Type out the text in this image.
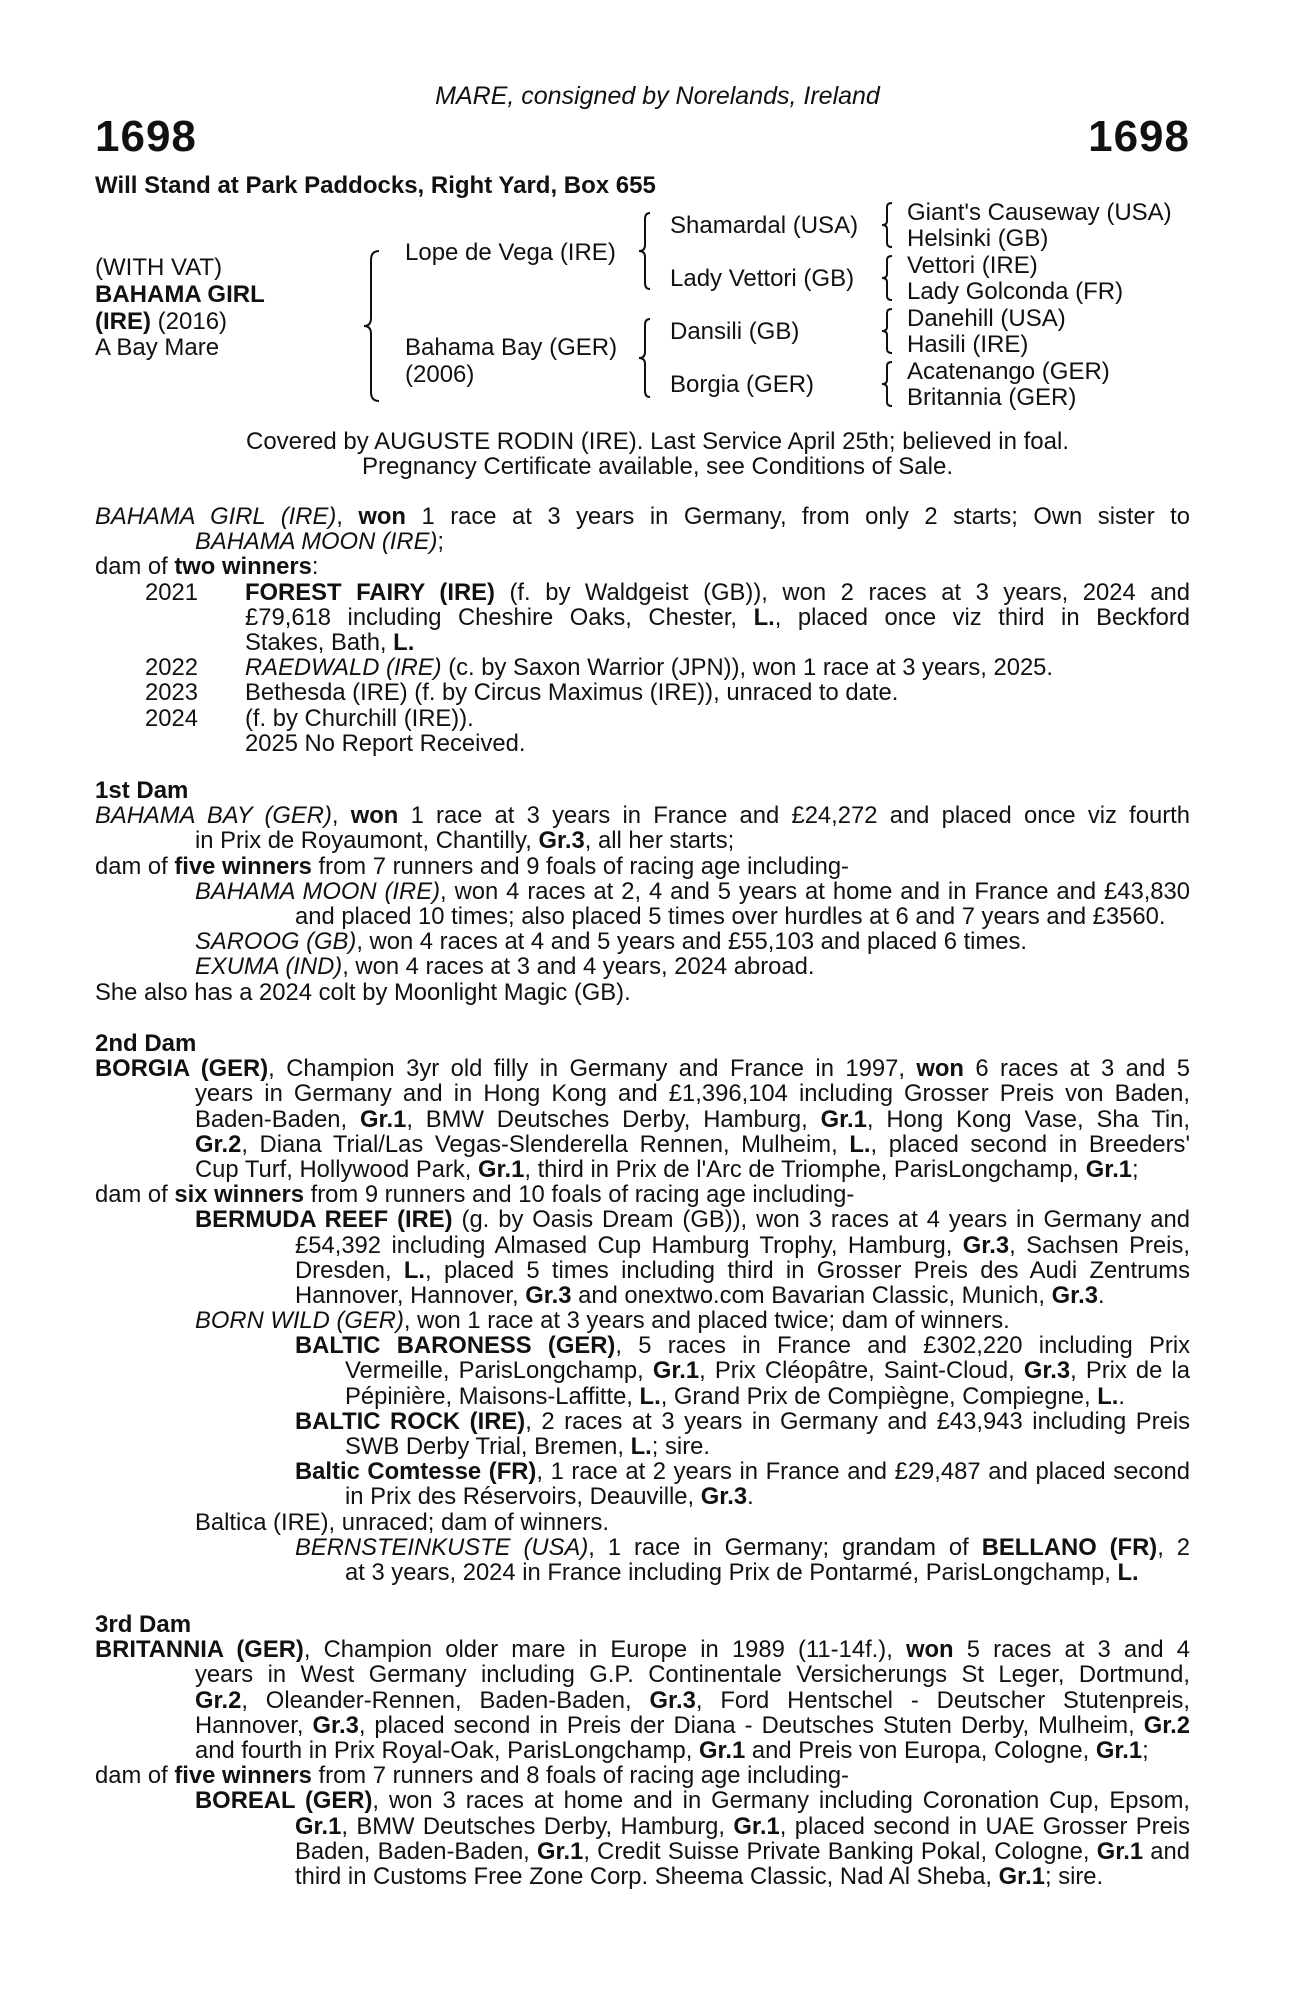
MARE, consigned by Norelands, Ireland
1698	1698
Will Stand at Park Paddocks, Right Yard, Box 655
(WITH VAT)
BAHAMA GIRL
(IRE) (2016)
A Bay Mare
Lope de Vega (IRE)
Bahama Bay (GER)
(2006)
Shamardal (USA)
Lady Vettori (GB)
Dansili (GB)
Borgia (GER)
Giant's Causeway (USA)
Helsinki (GB)
Vettori (IRE)
Lady Golconda (FR)
Danehill (USA)
Hasili (IRE)
Acatenango (GER)
Britannia (GER)
Covered by AUGUSTE RODIN (IRE). Last Service April 25th; believed in foal.
Pregnancy Certificate available, see Conditions of Sale.
BAHAMA GIRL (IRE), won 1 race at 3 years in Germany, from only 2 starts; Own sister to
BAHAMA MOON (IRE);
dam of two winners:
2021 FOREST FAIRY (IRE) (f. by Waldgeist (GB)), won 2 races at 3 years, 2024 and
£79,618 including Cheshire Oaks, Chester, L., placed once viz third in Beckford
Stakes, Bath, L.
2022 RAEDWALD (IRE) (c. by Saxon Warrior (JPN)), won 1 race at 3 years, 2025.
2023 Bethesda (IRE) (f. by Circus Maximus (IRE)), unraced to date.
2024 (f. by Churchill (IRE)).
2025 No Report Received.
1st Dam
BAHAMA BAY (GER), won 1 race at 3 years in France and £24,272 and placed once viz fourth
in Prix de Royaumont, Chantilly, Gr.3, all her starts;
dam of five winners from 7 runners and 9 foals of racing age including-
BAHAMA MOON (IRE), won 4 races at 2, 4 and 5 years at home and in France and £43,830
and placed 10 times; also placed 5 times over hurdles at 6 and 7 years and £3560.
SAROOG (GB), won 4 races at 4 and 5 years and £55,103 and placed 6 times.
EXUMA (IND), won 4 races at 3 and 4 years, 2024 abroad.
She also has a 2024 colt by Moonlight Magic (GB).
2nd Dam
BORGIA (GER), Champion 3yr old filly in Germany and France in 1997, won 6 races at 3 and 5
years in Germany and in Hong Kong and £1,396,104 including Grosser Preis von Baden,
Baden-Baden, Gr.1, BMW Deutsches Derby, Hamburg, Gr.1, Hong Kong Vase, Sha Tin,
Gr.2, Diana Trial/Las Vegas-Slenderella Rennen, Mulheim, L., placed second in Breeders'
Cup Turf, Hollywood Park, Gr.1, third in Prix de l'Arc de Triomphe, ParisLongchamp, Gr.1;
dam of six winners from 9 runners and 10 foals of racing age including-
BERMUDA REEF (IRE) (g. by Oasis Dream (GB)), won 3 races at 4 years in Germany and
£54,392 including Almased Cup Hamburg Trophy, Hamburg, Gr.3, Sachsen Preis,
Dresden, L., placed 5 times including third in Grosser Preis des Audi Zentrums
Hannover, Hannover, Gr.3 and onextwo.com Bavarian Classic, Munich, Gr.3.
BORN WILD (GER), won 1 race at 3 years and placed twice; dam of winners.
BALTIC BARONESS (GER), 5 races in France and £302,220 including Prix
Vermeille, ParisLongchamp, Gr.1, Prix Cléopâtre, Saint-Cloud, Gr.3, Prix de la
Pépinière, Maisons-Laffitte, L., Grand Prix de Compiègne, Compiegne, L..
BALTIC ROCK (IRE), 2 races at 3 years in Germany and £43,943 including Preis
SWB Derby Trial, Bremen, L.; sire.
Baltic Comtesse (FR), 1 race at 2 years in France and £29,487 and placed second
in Prix des Réservoirs, Deauville, Gr.3.
Baltica (IRE), unraced; dam of winners.
BERNSTEINKUSTE (USA), 1 race in Germany; grandam of BELLANO (FR), 2
at 3 years, 2024 in France including Prix de Pontarmé, ParisLongchamp, L.
3rd Dam
BRITANNIA (GER), Champion older mare in Europe in 1989 (11-14f.), won 5 races at 3 and 4
years in West Germany including G.P. Continentale Versicherungs St Leger, Dortmund,
Gr.2, Oleander-Rennen, Baden-Baden, Gr.3, Ford Hentschel - Deutscher Stutenpreis,
Hannover, Gr.3, placed second in Preis der Diana - Deutsches Stuten Derby, Mulheim, Gr.2
and fourth in Prix Royal-Oak, ParisLongchamp, Gr.1 and Preis von Europa, Cologne, Gr.1;
dam of five winners from 7 runners and 8 foals of racing age including-
BOREAL (GER), won 3 races at home and in Germany including Coronation Cup, Epsom,
Gr.1, BMW Deutsches Derby, Hamburg, Gr.1, placed second in UAE Grosser Preis
Baden, Baden-Baden, Gr.1, Credit Suisse Private Banking Pokal, Cologne, Gr.1 and
third in Customs Free Zone Corp. Sheema Classic, Nad Al Sheba, Gr.1; sire.
